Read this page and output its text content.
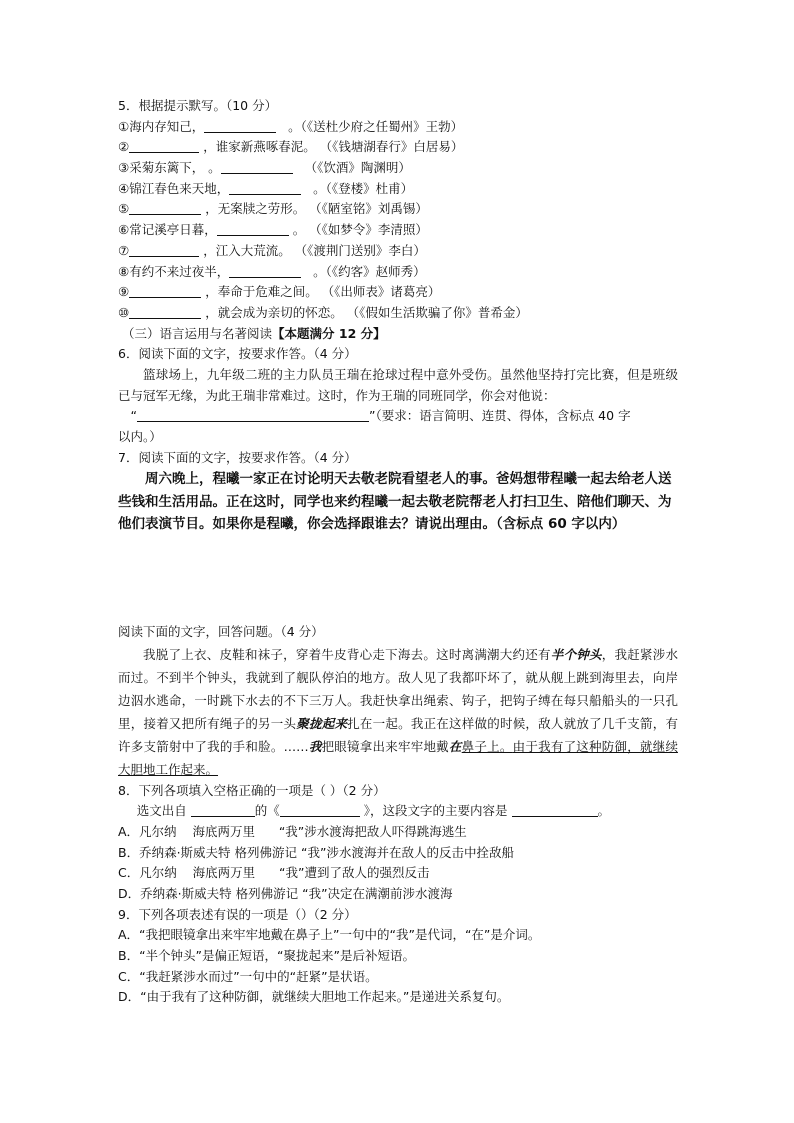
5．根据提示默写。（10 分）
①海内存知己，	。（《送杜少府之任蜀州》王勃）
②	，谁家新燕啄春泥。 （《钱塘湖春行》白居易）
③采菊东篱下， 。	（《饮酒》陶渊明）
④锦江春色来天地，	。（《登楼》杜甫）
⑤	，无案牍之劳形。 （《陋室铭》刘禹锡）
⑥常记溪亭日暮，	。 （《如梦令》李清照）
⑦	，江入大荒流。 （《渡荆门送别》李白）
⑧有约不来过夜半，	。（《约客》赵师秀）
⑨	，奉命于危难之间。 （《出师表》诸葛亮）
⑩	，就会成为亲切的怀恋。 （《假如生活欺骗了你》普希金）
（三）语言运用与名著阅读【本题满分 12 分】
6．阅读下面的文字，按要求作答。（4 分）
篮球场上，九年级二班的主力队员王瑞在抢球过程中意外受伤。虽然他坚持打完比赛，但是班级已与冠军无缘，为此王瑞非常难过。这时，作为王瑞的同班同学，你会对他说：
“	”（要求：语言简明、连贯、得体，含标点 40 字
以内。）
7．阅读下面的文字，按要求作答。（4 分）
周六晚上，程曦一家正在讨论明天去敬老院看望老人的事。爸妈想带程曦一起去给老人送些钱和生活用品。正在这时，同学也来约程曦一起去敬老院帮老人打扫卫生、陪他们聊天、为他们表演节目。如果你是程曦，你会选择跟谁去？请说出理由。（含标点 60 字以内）
阅读下面的文字，回答问题。（4 分）
我脱了上衣、皮鞋和袜子，穿着牛皮背心走下海去。这时离满潮大约还有半个钟头，我赶紧涉水而过。不到半个钟头，我就到了舰队停泊的地方。敌人见了我都吓坏了，就从舰上跳到海里去，向岸边泅水逃命，一时跳下水去的不下三万人。我赶快拿出绳索、钩子，把钩子缚在每只船船头的一只孔里，接着又把所有绳子的另一头聚拢起来扎在一起。我正在这样做的时候，敌人就放了几千支箭，有许多支箭射中了我的手和脸。……我把眼镜拿出来牢牢地戴在鼻子上。由于我有了这种防御，就继续大胆地工作起来。
8．下列各项填入空格正确的一项是（ ）（2 分）
选文出自	的《	》，这段文字的主要内容是	。
A．凡尔纳 海底两万里 “我”涉水渡海把敌人吓得跳海逃生
B．乔纳森·斯威夫特 格列佛游记 “我”涉水渡海并在敌人的反击中拴敌船
C．凡尔纳 海底两万里 “我”遭到了敌人的强烈反击
D．乔纳森·斯威夫特 格列佛游记 “我”决定在满潮前涉水渡海
9．下列各项表述有误的一项是（）（2 分）
A．“我把眼镜拿出来牢牢地戴在鼻子上”一句中的“我”是代词，“在”是介词。
B．“半个钟头”是偏正短语，“聚拢起来”是后补短语。
C．“我赶紧涉水而过”一句中的“赶紧”是状语。
D．“由于我有了这种防御，就继续大胆地工作起来。”是递进关系复句。
